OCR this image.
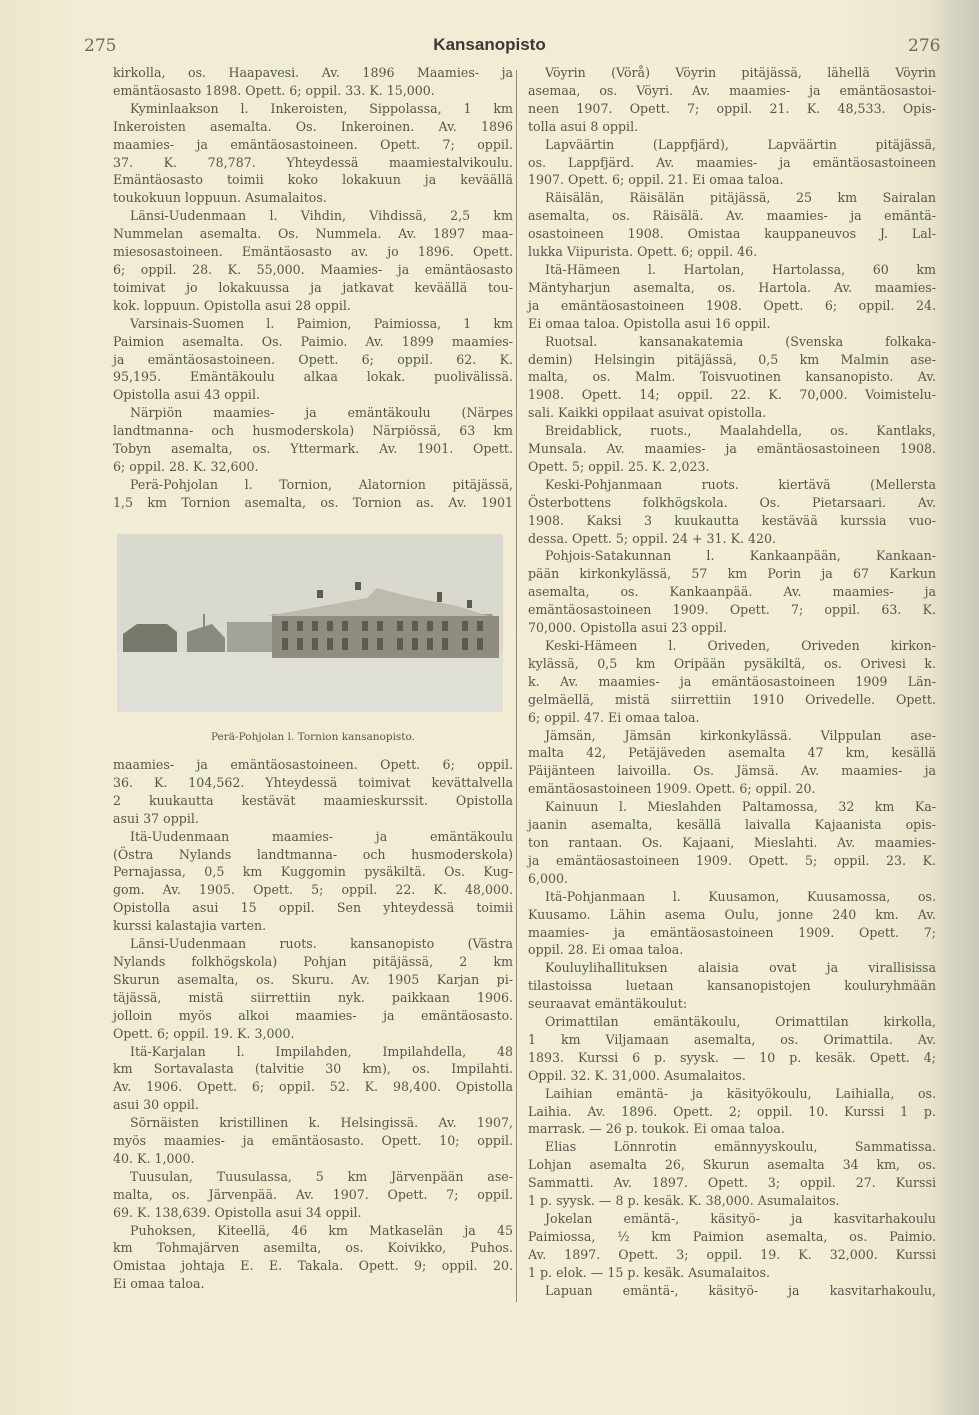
275	Kansanopisto	276
kirkolla, os. Haapavesi. Av. 1896 Maamies- ja
emäntäosasto 1898. Opett. 6; oppil. 33. K. 15,000.
Kyminlaakson l. Inkeroisten, Sippolassa, 1 km
Inkeroisten asemalta. Os. Inkeroinen. Av. 1896
maamies- ja emäntäosastoineen. Opett. 7; oppil.
37. K. 78,787. Yhteydessä maamiestalvikoulu.
Emäntäosasto toimii koko lokakuun ja keväällä
toukokuun loppuun. Asumalaitos.
Länsi-Uudenmaan l. Vihdin, Vihdissä, 2,5 km
Nummelan asemalta. Os. Nummela. Av. 1897 maa-
miesosastoineen. Emäntäosasto av. jo 1896. Opett.
6; oppil. 28. K. 55,000. Maamies- ja emäntäosasto
toimivat jo lokakuussa ja jatkavat keväällä tou-
kok. loppuun. Opistolla asui 28 oppil.
Varsinais-Suomen l. Paimion, Paimiossa, 1 km
Paimion asemalta. Os. Paimio. Av. 1899 maamies-
ja emäntäosastoineen. Opett. 6; oppil. 62. K.
95,195. Emäntäkoulu alkaa lokak. puolivälissä.
Opistolla asui 43 oppil.
Närpiön maamies- ja emäntäkoulu (Närpes
landtmanna- och husmoderskola) Närpiössä, 63 km
Tobyn asemalta, os. Yttermark. Av. 1901. Opett.
6; oppil. 28. K. 32,600.
Perä-Pohjolan l. Tornion, Alatornion pitäjässä,
1,5 km Tornion asemalta, os. Tornion as. Av. 1901
Perä-Pohjolan l. Tornion kansanopisto.
maamies- ja emäntäosastoineen. Opett. 6; oppil.
36. K. 104,562. Yhteydessä toimivat kevättalvella
2 kuukautta kestävät maamieskurssit. Opistolla
asui 37 oppil.
Itä-Uudenmaan maamies- ja emäntäkoulu
(Östra Nylands landtmanna- och husmoderskola)
Pernajassa, 0,5 km Kuggomin pysäkiltä. Os. Kug-
gom. Av. 1905. Opett. 5; oppil. 22. K. 48,000.
Opistolla asui 15 oppil. Sen yhteydessä toimii
kurssi kalastajia varten.
Länsi-Uudenmaan ruots. kansanopisto (Västra
Nylands folkhögskola) Pohjan pitäjässä, 2 km
Skurun asemalta, os. Skuru. Av. 1905 Karjan pi-
täjässä, mistä siirrettiin nyk. paikkaan 1906.
jolloin myös alkoi maamies- ja emäntäosasto.
Opett. 6; oppil. 19. K. 3,000.
Itä-Karjalan l. Impilahden, Impilahdella, 48
km Sortavalasta (talvitie 30 km), os. Impilahti.
Av. 1906. Opett. 6; oppil. 52. K. 98,400. Opistolla
asui 30 oppil.
Sörnäisten kristillinen k. Helsingissä. Av. 1907,
myös maamies- ja emäntäosasto. Opett. 10; oppil.
40. K. 1,000.
Tuusulan, Tuusulassa, 5 km Järvenpään ase-
malta, os. Järvenpää. Av. 1907. Opett. 7; oppil.
69. K. 138,639. Opistolla asui 34 oppil.
Puhoksen, Kiteellä, 46 km Matkaselän ja 45
km Tohmajärven asemilta, os. Koivikko, Puhos.
Omistaa johtaja E. E. Takala. Opett. 9; oppil. 20.
Ei omaa taloa.
Vöyrin (Vörå) Vöyrin pitäjässä, lähellä Vöyrin
asemaa, os. Vöyri. Av. maamies- ja emäntäosastoi-
neen 1907. Opett. 7; oppil. 21. K. 48,533. Opis-
tolla asui 8 oppil.
Lapväärtin (Lappfjärd), Lapväärtin pitäjässä,
os. Lappfjärd. Av. maamies- ja emäntäosastoineen
1907. Opett. 6; oppil. 21. Ei omaa taloa.
Räisälän, Räisälän pitäjässä, 25 km Sairalan
asemalta, os. Räisälä. Av. maamies- ja emäntä-
osastoineen 1908. Omistaa kauppaneuvos J. Lal-
lukka Viipurista. Opett. 6; oppil. 46.
Itä-Hämeen l. Hartolan, Hartolassa, 60 km
Mäntyharjun asemalta, os. Hartola. Av. maamies-
ja emäntäosastoineen 1908. Opett. 6; oppil. 24.
Ei omaa taloa. Opistolla asui 16 oppil.
Ruotsal. kansanakatemia (Svenska folkaka-
demin) Helsingin pitäjässä, 0,5 km Malmin ase-
malta, os. Malm. Toisvuotinen kansanopisto. Av.
1908. Opett. 14; oppil. 22. K. 70,000. Voimistelu-
sali. Kaikki oppilaat asuivat opistolla.
Breidablick, ruots., Maalahdella, os. Kantlaks,
Munsala. Av. maamies- ja emäntäosastoineen 1908.
Opett. 5; oppil. 25. K. 2,023.
Keski-Pohjanmaan ruots. kiertävä (Mellersta
Österbottens folkhögskola. Os. Pietarsaari. Av.
1908. Kaksi 3 kuukautta kestävää kurssia vuo-
dessa. Opett. 5; oppil. 24 + 31. K. 420.
Pohjois-Satakunnan l. Kankaanpään, Kankaan-
pään kirkonkylässä, 57 km Porin ja 67 Karkun
asemalta, os. Kankaanpää. Av. maamies- ja
emäntäosastoineen 1909. Opett. 7; oppil. 63. K.
70,000. Opistolla asui 23 oppil.
Keski-Hämeen l. Oriveden, Oriveden kirkon-
kylässä, 0,5 km Oripään pysäkiltä, os. Orivesi k.
k. Av. maamies- ja emäntäosastoineen 1909 Län-
gelmäellä, mistä siirrettiin 1910 Orivedelle. Opett.
6; oppil. 47. Ei omaa taloa.
Jämsän, Jämsän kirkonkylässä. Vilppulan ase-
malta 42, Petäjäveden asemalta 47 km, kesällä
Päijänteen laivoilla. Os. Jämsä. Av. maamies- ja
emäntäosastoineen 1909. Opett. 6; oppil. 20.
Kainuun l. Mieslahden Paltamossa, 32 km Ka-
jaanin asemalta, kesällä laivalla Kajaanista opis-
ton rantaan. Os. Kajaani, Mieslahti. Av. maamies-
ja emäntäosastoineen 1909. Opett. 5; oppil. 23. K.
6,000.
Itä-Pohjanmaan l. Kuusamon, Kuusamossa, os.
Kuusamo. Lähin asema Oulu, jonne 240 km. Av.
maamies- ja emäntäosastoineen 1909. Opett. 7;
oppil. 28. Ei omaa taloa.
Kouluylihallituksen alaisia ovat ja virallisissa
tilastoissa luetaan kansanopistojen kouluryhmään
seuraavat emäntäkoulut:
Orimattilan emäntäkoulu, Orimattilan kirkolla,
1 km Viljamaan asemalta, os. Orimattila. Av.
1893. Kurssi 6 p. syysk. — 10 p. kesäk. Opett. 4;
Oppil. 32. K. 31,000. Asumalaitos.
Laihian emäntä- ja käsityökoulu, Laihialla, os.
Laihia. Av. 1896. Opett. 2; oppil. 10. Kurssi 1 p.
marrask. — 26 p. toukok. Ei omaa taloa.
Elias Lönnrotin emännyyskoulu, Sammatissa.
Lohjan asemalta 26, Skurun asemalta 34 km, os.
Sammatti. Av. 1897. Opett. 3; oppil. 27. Kurssi
1 p. syysk. — 8 p. kesäk. K. 38,000. Asumalaitos.
Jokelan emäntä-, käsityö- ja kasvitarhakoulu
Paimiossa, ½ km Paimion asemalta, os. Paimio.
Av. 1897. Opett. 3; oppil. 19. K. 32,000. Kurssi
1 p. elok. — 15 p. kesäk. Asumalaitos.
Lapuan emäntä-, käsityö- ja kasvitarhakoulu,
